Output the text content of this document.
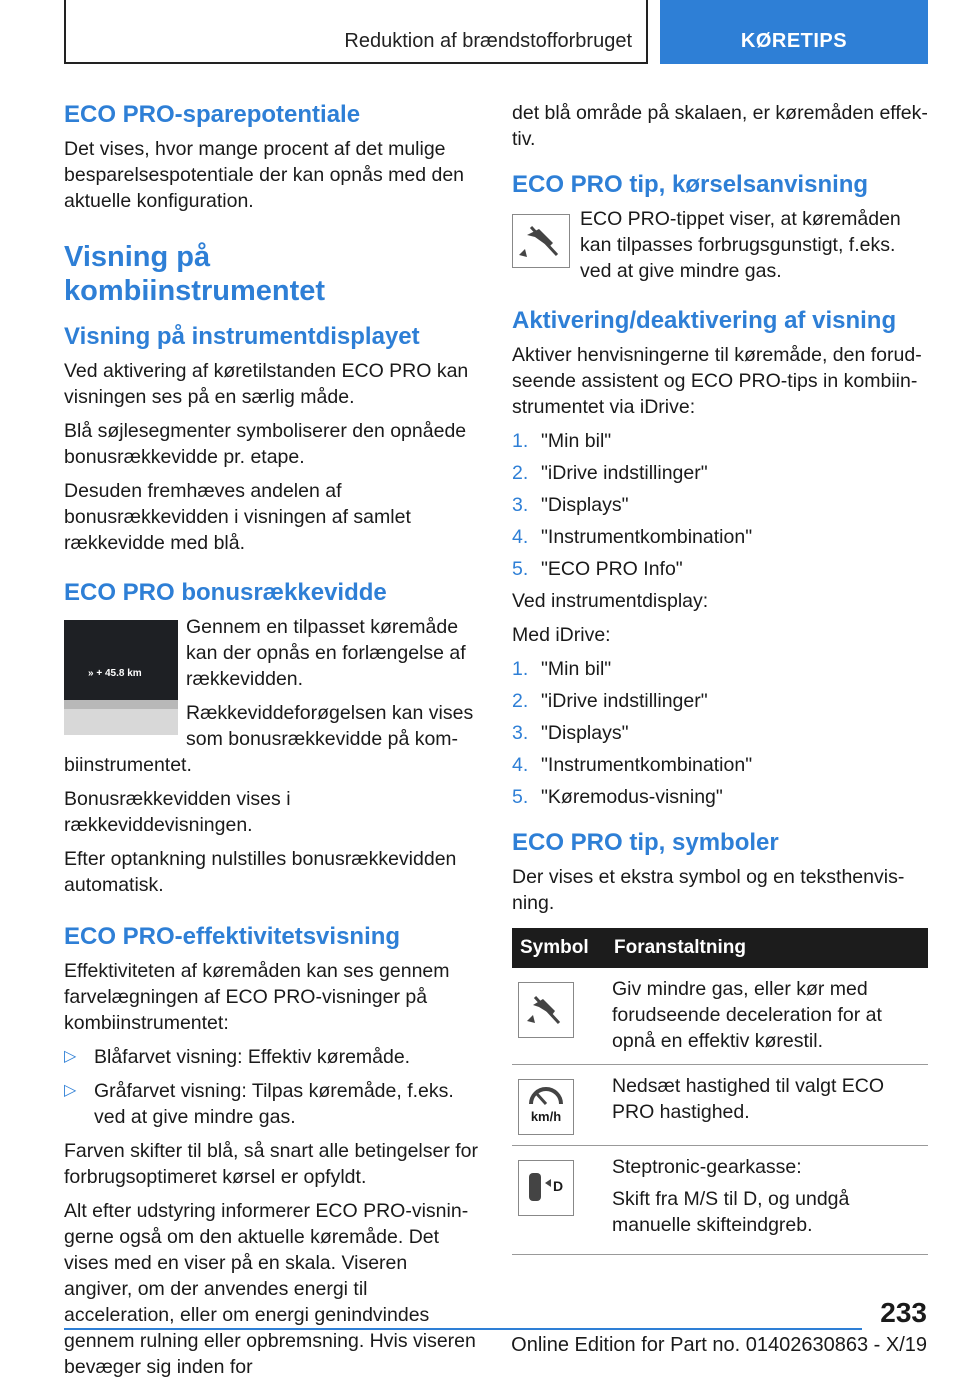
Reduktion af brændstofforbruget	KØRETIPS
ECO PRO-sparepotentiale

Det vises, hvor mange procent af det mulige besparelsespotentiale der kan opnås med den aktuelle konfiguration.

Visning på kombiinstrumentet
Visning på instrumentdisplayet

Ved aktivering af køretilstanden ECO PRO kan visningen ses på en særlig måde.

Blå søjlesegmenter symboliserer den opnåede bonusrækkevidde pr. etape.

Desuden fremhæves andelen af bonusrækkevidden i visningen af samlet rækkevidde med blå.

ECO PRO bonusrækkevidde
» + 45.8 km

Gennem en tilpasset køremåde kan der opnås en forlængelse af rækkevidden.

Rækkeviddeforøgelsen kan vises som bonusrækkevidde på kombiinstrumentet.

Bonusrækkevidden vises i rækkeviddevisningen.

Efter optankning nulstilles bonusrækkevidden automatisk.

ECO PRO-effektivitetsvisning

Effektiviteten af køremåden kan ses gennem farvelægningen af ECO PRO-visninger på kombiinstrumentet:

▷ Blåfarvet visning: Effektiv køremåde.
▷ Gråfarvet visning: Tilpas køremåde, f.eks. ved at give mindre gas.

Farven skifter til blå, så snart alle betingelser for forbrugsoptimeret kørsel er opfyldt.

Alt efter udstyring informerer ECO PRO-visningerne også om den aktuelle køremåde. Det vises med en viser på en skala. Viseren angiver, om der anvendes energi til acceleration, eller om energi genindvindes gennem rulning eller opbremsning. Hvis viseren bevæger sig inden for

det blå område på skalaen, er køremåden effektiv.

ECO PRO tip, kørselsanvisning

ECO PRO-tippet viser, at køremåden kan tilpasses forbrugsgunstigt, f.eks. ved at give mindre gas.

Aktivering/deaktivering af visning

Aktiver henvisningerne til køremåde, den forudseende assistent og ECO PRO-tips in kombiinstrumentet via iDrive:

1. "Min bil"
2. "iDrive indstillinger"
3. "Displays"
4. "Instrumentkombination"
5. "ECO PRO Info"

Ved instrumentdisplay:

Med iDrive:

1. "Min bil"
2. "iDrive indstillinger"
3. "Displays"
4. "Instrumentkombination"
5. "Køremodus-visning"
ECO PRO tip, symboler

Der vises et ekstra symbol og en teksthenvisning.

Symbol	Foranstaltning

	Giv mindre gas, eller kør med forudseende deceleration for at opnå en effektiv kørestil.

km/h	Nedsæt hastighed til valgt ECO PRO hastighed.

D	Steptronic-gearkasse:

Skift fra M/S til D, og undgå manuelle skifteindgreb.

233
Online Edition for Part no. 01402630863 - X/19
